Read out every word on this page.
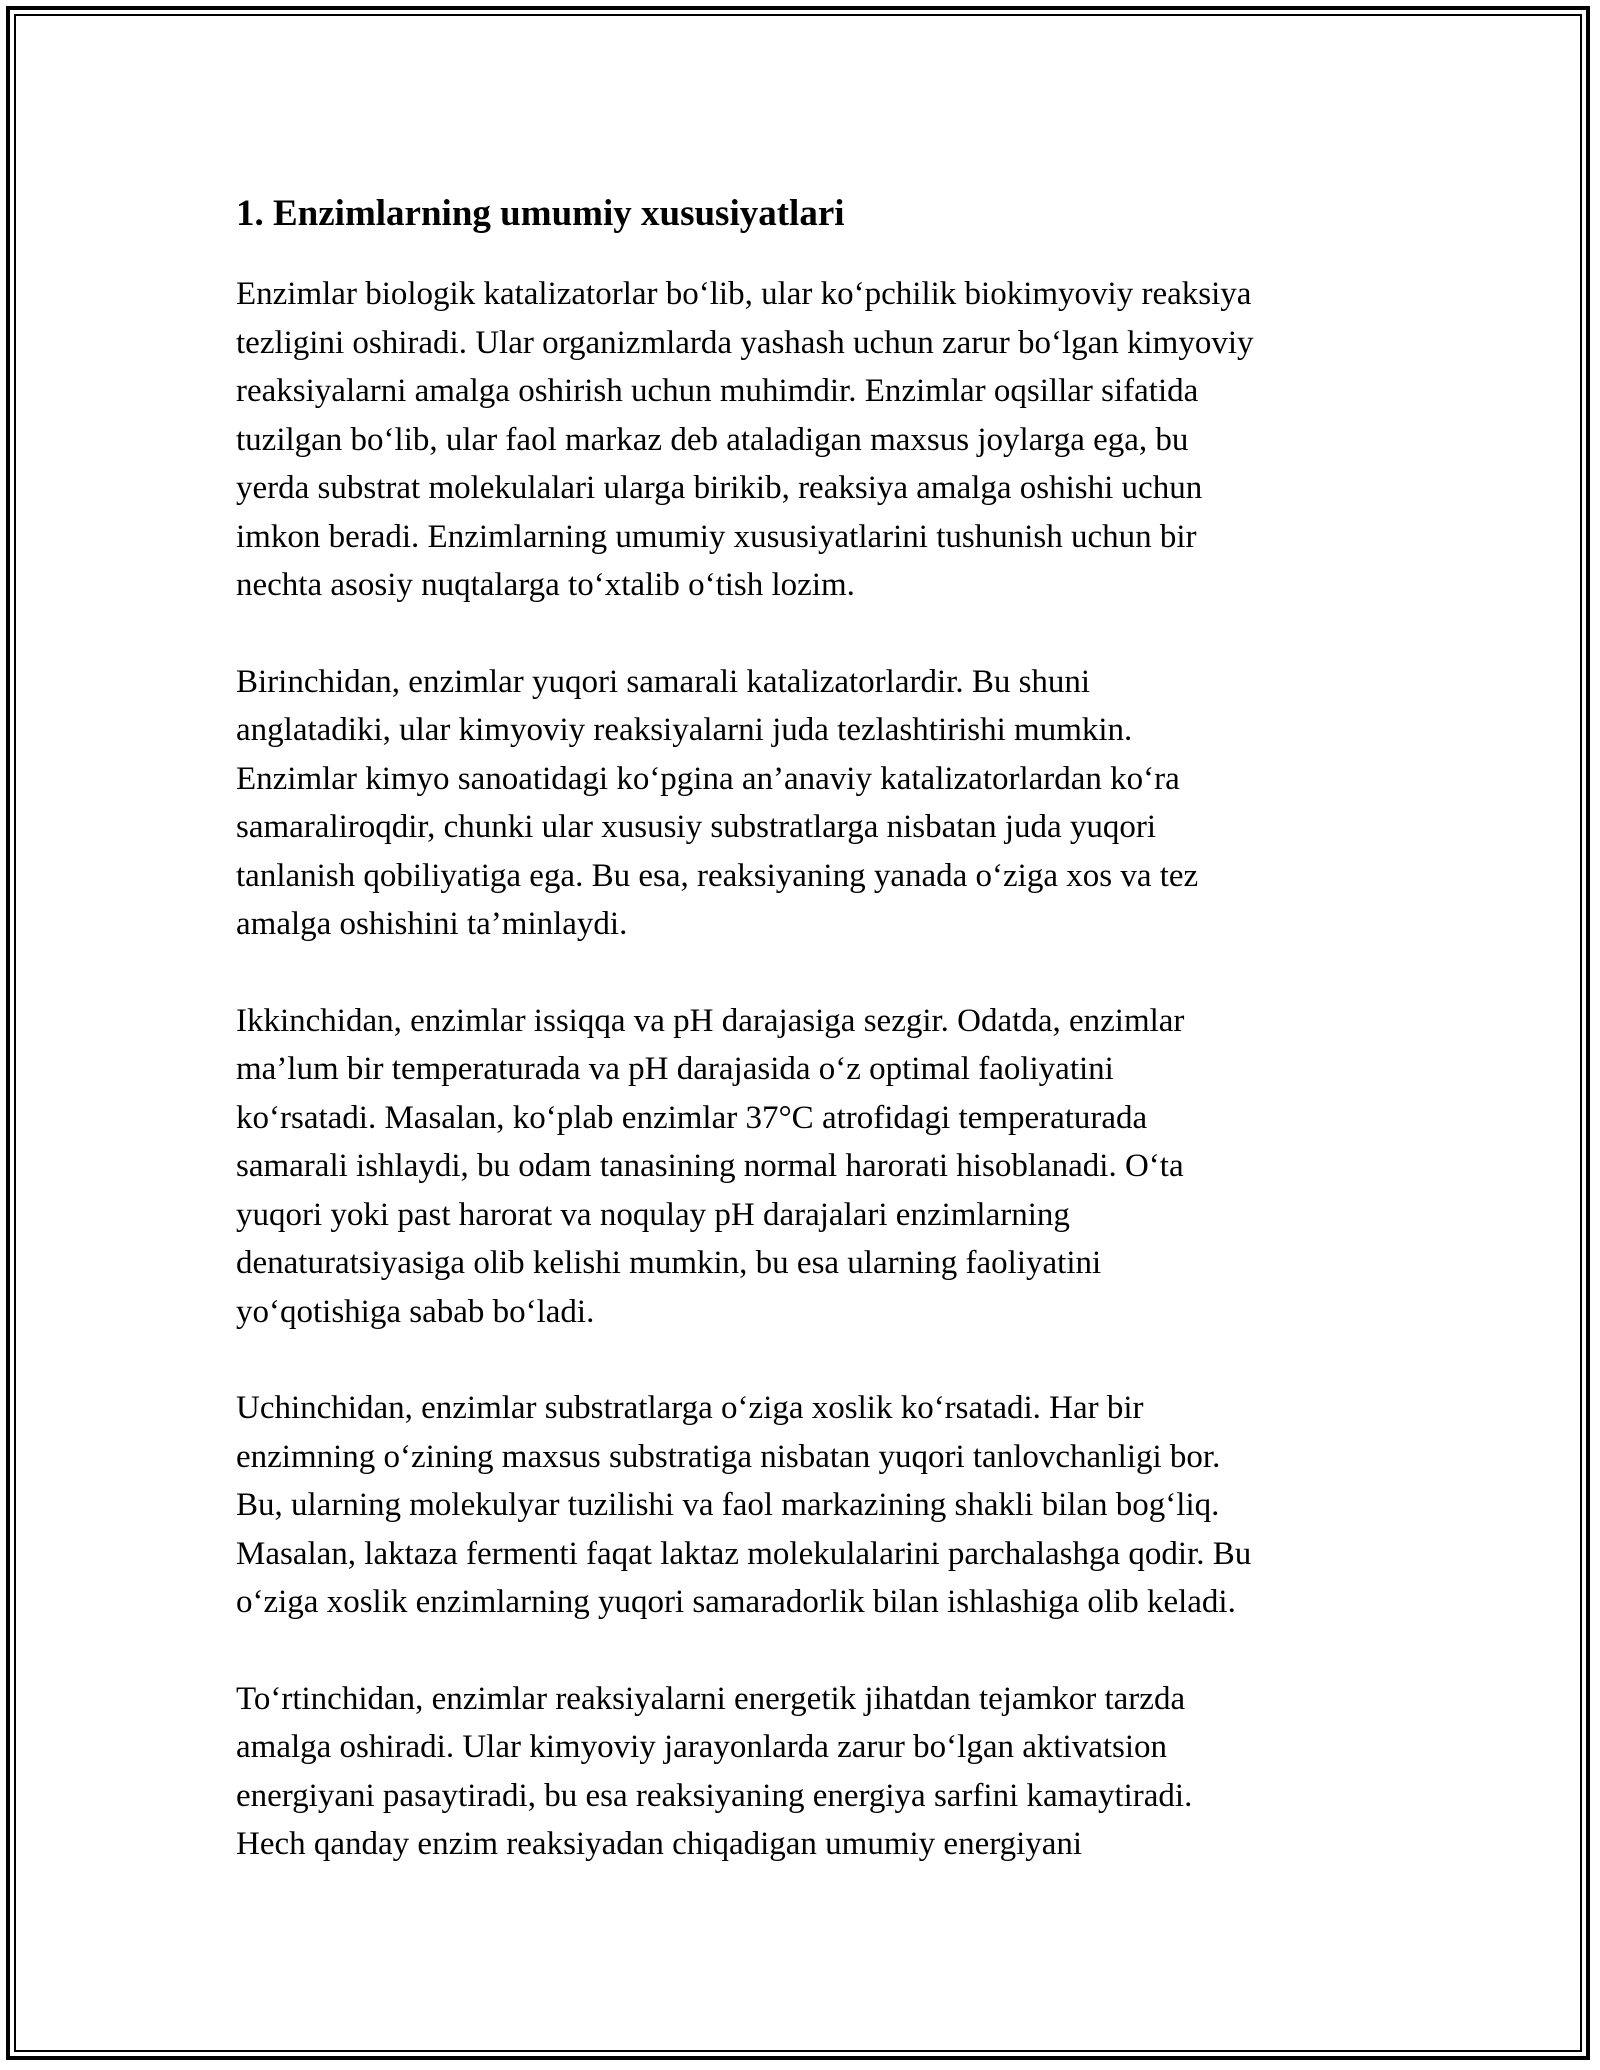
1. Enzimlarning umumiy xususiyatlari

Enzimlar biologik katalizatorlar bo‘lib, ular ko‘pchilik biokimyoviy reaksiya
tezligini oshiradi. Ular organizmlarda yashash uchun zarur bo‘lgan kimyoviy
reaksiyalarni amalga oshirish uchun muhimdir. Enzimlar oqsillar sifatida
tuzilgan bo‘lib, ular faol markaz deb ataladigan maxsus joylarga ega, bu
yerda substrat molekulalari ularga birikib, reaksiya amalga oshishi uchun
imkon beradi. Enzimlarning umumiy xususiyatlarini tushunish uchun bir
nechta asosiy nuqtalarga to‘xtalib o‘tish lozim.

Birinchidan, enzimlar yuqori samarali katalizatorlardir. Bu shuni
anglatadiki, ular kimyoviy reaksiyalarni juda tezlashtirishi mumkin.
Enzimlar kimyo sanoatidagi ko‘pgina an’anaviy katalizatorlardan ko‘ra
samaraliroqdir, chunki ular xususiy substratlarga nisbatan juda yuqori
tanlanish qobiliyatiga ega. Bu esa, reaksiyaning yanada o‘ziga xos va tez
amalga oshishini ta’minlaydi.

Ikkinchidan, enzimlar issiqqa va pH darajasiga sezgir. Odatda, enzimlar
ma’lum bir temperaturada va pH darajasida o‘z optimal faoliyatini
ko‘rsatadi. Masalan, ko‘plab enzimlar 37°C atrofidagi temperaturada
samarali ishlaydi, bu odam tanasining normal harorati hisoblanadi. O‘ta
yuqori yoki past harorat va noqulay pH darajalari enzimlarning
denaturatsiyasiga olib kelishi mumkin, bu esa ularning faoliyatini
yo‘qotishiga sabab bo‘ladi.

Uchinchidan, enzimlar substratlarga o‘ziga xoslik ko‘rsatadi. Har bir
enzimning o‘zining maxsus substratiga nisbatan yuqori tanlovchanligi bor.
Bu, ularning molekulyar tuzilishi va faol markazining shakli bilan bog‘liq.
Masalan, laktaza fermenti faqat laktaz molekulalarini parchalashga qodir. Bu
o‘ziga xoslik enzimlarning yuqori samaradorlik bilan ishlashiga olib keladi.

To‘rtinchidan, enzimlar reaksiyalarni energetik jihatdan tejamkor tarzda
amalga oshiradi. Ular kimyoviy jarayonlarda zarur bo‘lgan aktivatsion
energiyani pasaytiradi, bu esa reaksiyaning energiya sarfini kamaytiradi.
Hech qanday enzim reaksiyadan chiqadigan umumiy energiyani
